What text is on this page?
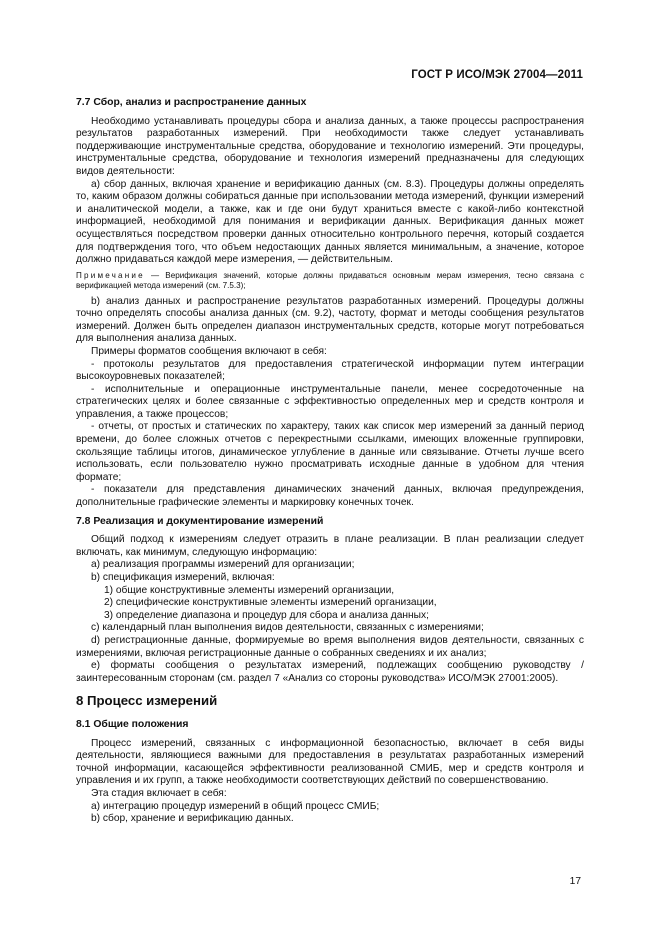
ГОСТ Р ИСО/МЭК 27004—2011

7.7 Сбор, анализ и распространение данных

Необходимо устанавливать процедуры сбора и анализа данных, а также процессы распространения результатов разработанных измерений. При необходимости также следует устанавливать поддерживающие инструментальные средства, оборудование и технологию измерений. Эти процедуры, инструментальные средства, оборудование и технология измерений предназначены для следующих видов деятельности:

a) сбор данных, включая хранение и верификацию данных (см. 8.3). Процедуры должны определять то, каким образом должны собираться данные при использовании метода измерений, функции измерений и аналитической модели, а также, как и где они будут храниться вместе с какой-либо контекстной информацией, необходимой для понимания и верификации данных. Верификация данных может осуществляться посредством проверки данных относительно контрольного перечня, который создается для подтверждения того, что объем недостающих данных является минимальным, а значение, которое должно придаваться каждой мере измерения, — действительным.

Примечание — Верификация значений, которые должны придаваться основным мерам измерения, тесно связана с верификацией метода измерений (см. 7.5.3);

b) анализ данных и распространение результатов разработанных измерений. Процедуры должны точно определять способы анализа данных (см. 9.2), частоту, формат и методы сообщения результатов измерений. Должен быть определен диапазон инструментальных средств, которые могут потребоваться для выполнения анализа данных.

Примеры форматов сообщения включают в себя:

- протоколы результатов для предоставления стратегической информации путем интеграции высокоуровневых показателей;

- исполнительные и операционные инструментальные панели, менее сосредоточенные на стратегических целях и более связанные с эффективностью определенных мер и средств контроля и управления, а также процессов;

- отчеты, от простых и статических по характеру, таких как список мер измерений за данный период времени, до более сложных отчетов с перекрестными ссылками, имеющих вложенные группировки, скользящие таблицы итогов, динамическое углубление в данные или связывание. Отчеты лучше всего использовать, если пользователю нужно просматривать исходные данные в удобном для чтения формате;

- показатели для представления динамических значений данных, включая предупреждения, дополнительные графические элементы и маркировку конечных точек.

7.8 Реализация и документирование измерений

Общий подход к измерениям следует отразить в плане реализации. В план реализации следует включать, как минимум, следующую информацию:

a) реализация программы измерений для организации;

b) спецификация измерений, включая:

1) общие конструктивные элементы измерений организации,

2) специфические конструктивные элементы измерений организации,

3) определение диапазона и процедур для сбора и анализа данных;

c) календарный план выполнения видов деятельности, связанных с измерениями;

d) регистрационные данные, формируемые во время выполнения видов деятельности, связанных с измерениями, включая регистрационные данные о собранных сведениях и их анализ;

e) форматы сообщения о результатах измерений, подлежащих сообщению руководству / заинтересованным сторонам (см. раздел 7 «Анализ со стороны руководства» ИСО/МЭК 27001:2005).

8 Процесс измерений

8.1 Общие положения

Процесс измерений, связанных с информационной безопасностью, включает в себя виды деятельности, являющиеся важными для предоставления в результатах разработанных измерений точной информации, касающейся эффективности реализованной СМИБ, мер и средств контроля и управления и их групп, а также необходимости соответствующих действий по совершенствованию.

Эта стадия включает в себя:

a) интеграцию процедур измерений в общий процесс СМИБ;

b) сбор, хранение и верификацию данных.

17
